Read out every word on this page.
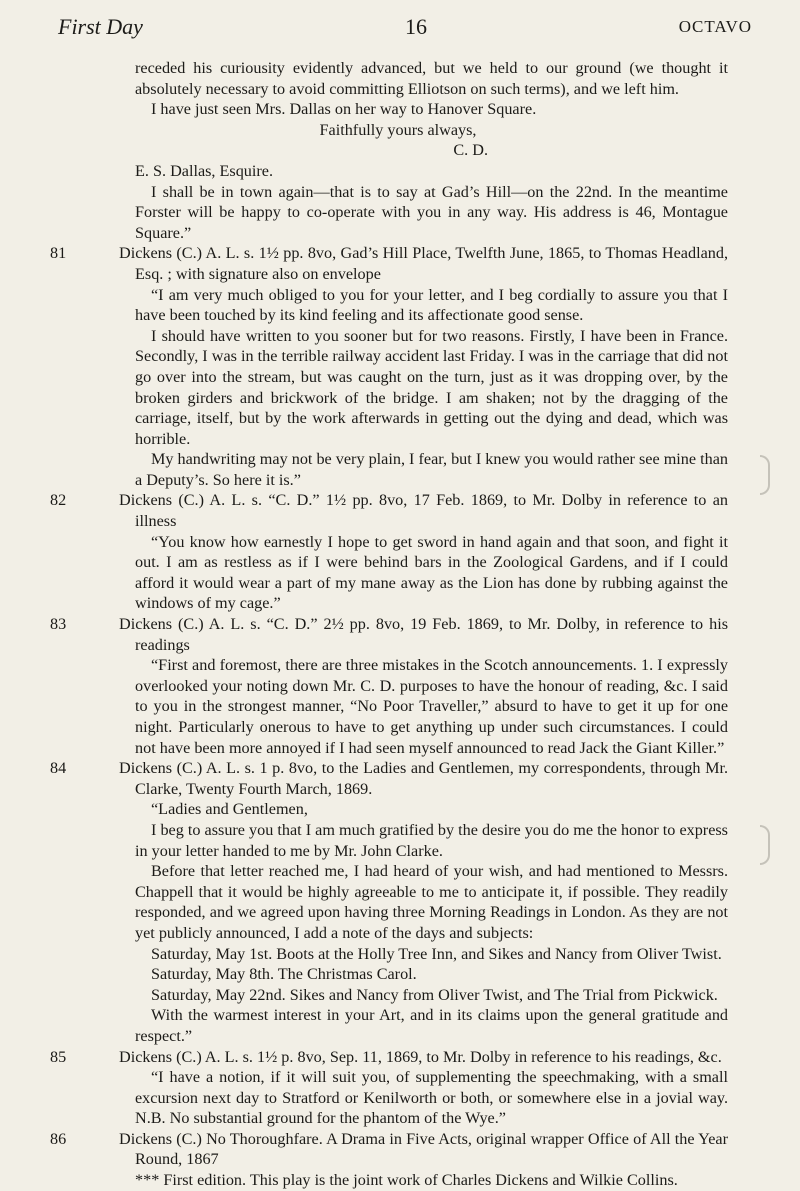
First Day	16	OCTAVO

receded his curiousity evidently advanced, but we held to our ground (we thought it absolutely necessary to avoid committing Elliotson on such terms), and we left him.

I have just seen Mrs. Dallas on her way to Hanover Square.

Faithfully yours always,

C. D.

E. S. Dallas, Esquire.

I shall be in town again—that is to say at Gad’s Hill—on the 22nd. In the meantime Forster will be happy to co-operate with you in any way. His address is 46, Montague Square.”

81	Dickens (C.) A. L. s. 1½ pp. 8vo, Gad’s Hill Place, Twelfth June, 1865, to Thomas Headland, Esq. ; with signature also on envelope

“I am very much obliged to you for your letter, and I beg cordially to assure you that I have been touched by its kind feeling and its affectionate good sense.

I should have written to you sooner but for two reasons. Firstly, I have been in France. Secondly, I was in the terrible railway accident last Friday. I was in the carriage that did not go over into the stream, but was caught on the turn, just as it was dropping over, by the broken girders and brickwork of the bridge. I am shaken; not by the dragging of the carriage, itself, but by the work afterwards in getting out the dying and dead, which was horrible.

My handwriting may not be very plain, I fear, but I knew you would rather see mine than a Deputy’s. So here it is.”

82	Dickens (C.) A. L. s. “C. D.” 1½ pp. 8vo, 17 Feb. 1869, to Mr. Dolby in reference to an illness

“You know how earnestly I hope to get sword in hand again and that soon, and fight it out. I am as restless as if I were behind bars in the Zoological Gardens, and if I could afford it would wear a part of my mane away as the Lion has done by rubbing against the windows of my cage.”

83	Dickens (C.) A. L. s. “C. D.” 2½ pp. 8vo, 19 Feb. 1869, to Mr. Dolby, in reference to his readings

“First and foremost, there are three mistakes in the Scotch announcements. 1. I expressly overlooked your noting down Mr. C. D. purposes to have the honour of reading, &c. I said to you in the strongest manner, “No Poor Traveller,” absurd to have to get it up for one night. Particularly onerous to have to get anything up under such circumstances. I could not have been more annoyed if I had seen myself announced to read Jack the Giant Killer.”

84	Dickens (C.) A. L. s. 1 p. 8vo, to the Ladies and Gentlemen, my correspondents, through Mr. Clarke, Twenty Fourth March, 1869.

“Ladies and Gentlemen,

I beg to assure you that I am much gratified by the desire you do me the honor to express in your letter handed to me by Mr. John Clarke.

Before that letter reached me, I had heard of your wish, and had mentioned to Messrs. Chappell that it would be highly agreeable to me to anticipate it, if possible. They readily responded, and we agreed upon having three Morning Readings in London. As they are not yet publicly announced, I add a note of the days and subjects:

Saturday, May 1st. Boots at the Holly Tree Inn, and Sikes and Nancy from Oliver Twist.

Saturday, May 8th. The Christmas Carol.

Saturday, May 22nd. Sikes and Nancy from Oliver Twist, and The Trial from Pickwick.

With the warmest interest in your Art, and in its claims upon the general gratitude and respect.”

85	Dickens (C.) A. L. s. 1½ p. 8vo, Sep. 11, 1869, to Mr. Dolby in reference to his readings, &c.

“I have a notion, if it will suit you, of supplementing the speechmaking, with a small excursion next day to Stratford or Kenilworth or both, or somewhere else in a jovial way. N.B. No substantial ground for the phantom of the Wye.”

86	Dickens (C.) No Thoroughfare. A Drama in Five Acts, original wrapper Office of All the Year Round, 1867

*** First edition. This play is the joint work of Charles Dickens and Wilkie Collins.
